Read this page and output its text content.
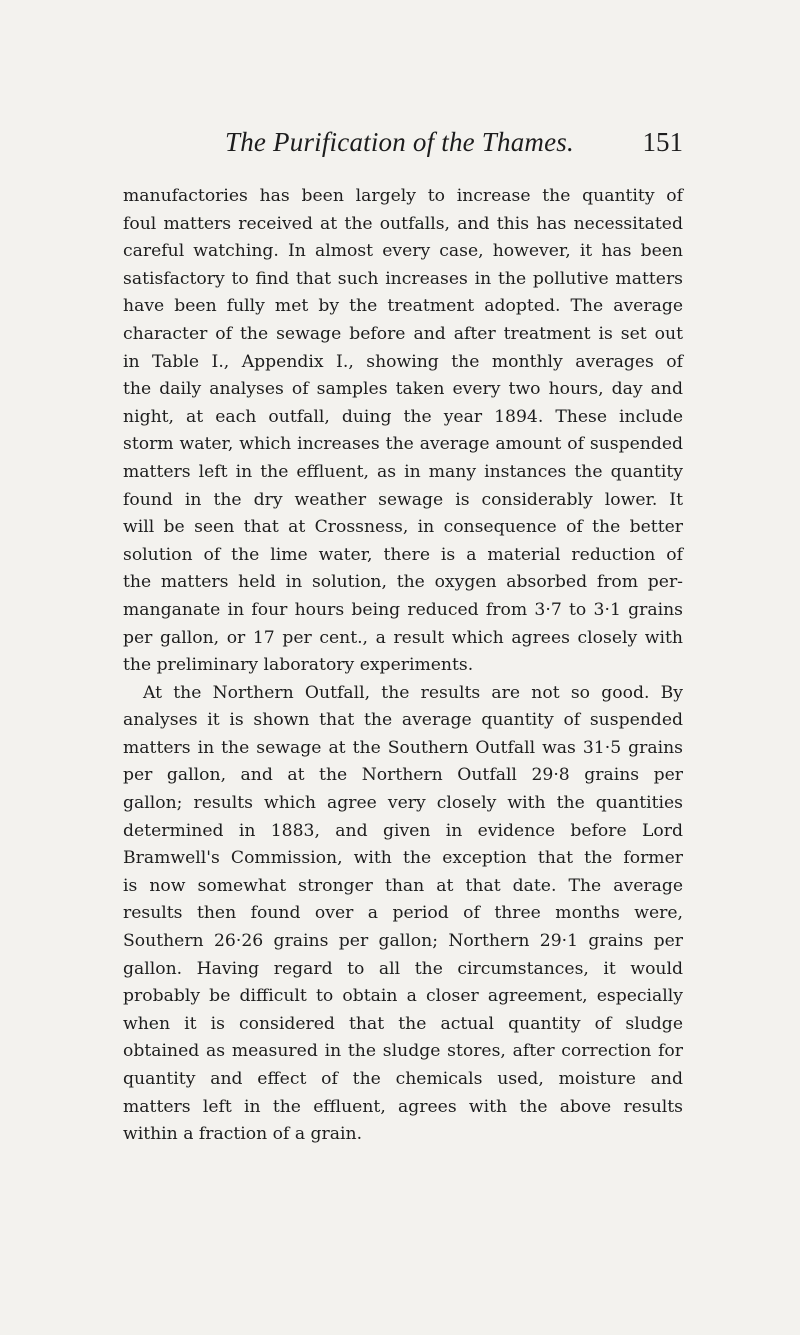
The Purification of the Thames.	151
manufactories has been largely to increase the quantity of
foul matters received at the outfalls, and this has necessitated
careful watching. In almost every case, however, it has been
satisfactory to find that such increases in the pollutive matters
have been fully met by the treatment adopted. The average
character of the sewage before and after treatment is set out
in Table I., Appendix I., showing the monthly averages of
the daily analyses of samples taken every two hours, day and
night, at each outfall, duing the year 1894. These include
storm water, which increases the average amount of suspended
matters left in the effluent, as in many instances the quantity
found in the dry weather sewage is considerably lower. It
will be seen that at Crossness, in consequence of the better
solution of the lime water, there is a material reduction of
the matters held in solution, the oxygen absorbed from per-
manganate in four hours being reduced from 3·7 to 3·1 grains
per gallon, or 17 per cent., a result which agrees closely with
the preliminary laboratory experiments.
At the Northern Outfall, the results are not so good. By
analyses it is shown that the average quantity of suspended
matters in the sewage at the Southern Outfall was 31·5 grains
per gallon, and at the Northern Outfall 29·8 grains per
gallon; results which agree very closely with the quantities
determined in 1883, and given in evidence before Lord
Bramwell's Commission, with the exception that the former
is now somewhat stronger than at that date. The average
results then found over a period of three months were,
Southern 26·26 grains per gallon; Northern 29·1 grains per
gallon. Having regard to all the circumstances, it would
probably be difficult to obtain a closer agreement, especially
when it is considered that the actual quantity of sludge
obtained as measured in the sludge stores, after correction for
quantity and effect of the chemicals used, moisture and
matters left in the effluent, agrees with the above results
within a fraction of a grain.
